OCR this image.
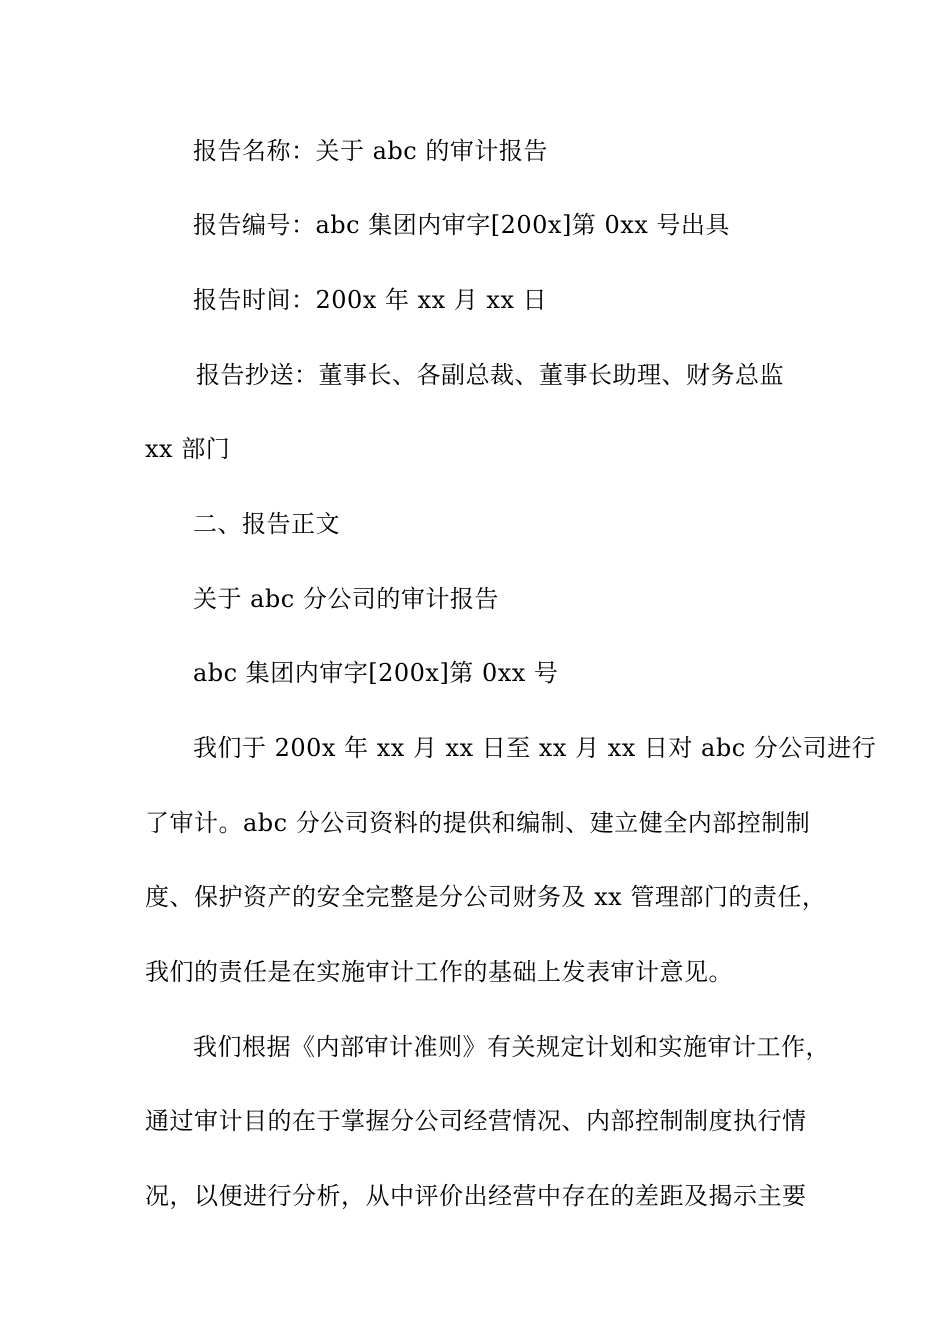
报告名称：关于 abc 的审计报告
报告编号：abc 集团内审字[200x]第 0xx 号出具
报告时间：200x 年 xx 月 xx 日
报告抄送：董事长、各副总裁、董事长助理、财务总监
xx 部门
二、报告正文
关于 abc 分公司的审计报告
abc 集团内审字[200x]第 0xx 号
我们于 200x 年 xx 月 xx 日至 xx 月 xx 日对 abc 分公司进行
了审计。abc 分公司资料的提供和编制、建立健全内部控制制
度、保护资产的安全完整是分公司财务及 xx 管理部门的责任，
我们的责任是在实施审计工作的基础上发表审计意见。
我们根据《内部审计准则》有关规定计划和实施审计工作，
通过审计目的在于掌握分公司经营情况、内部控制制度执行情
况，以便进行分析，从中评价出经营中存在的差距及揭示主要
